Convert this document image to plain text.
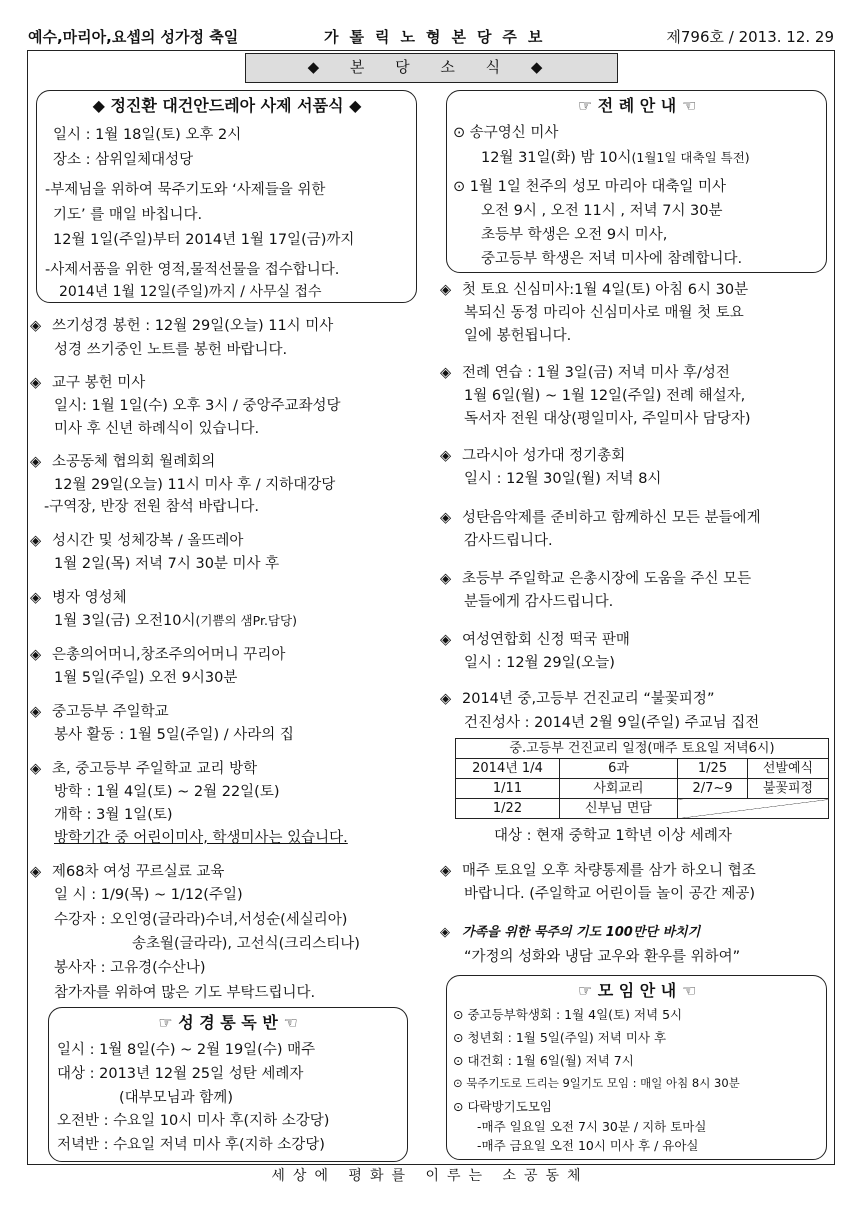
예수,마리아,요셉의 성가정 축일	가톨릭노형본당주보	제796호 / 2013. 12. 29
◆ 본 당 소 식 ◆
◆ 정진환 대건안드레아 사제 서품식 ◆
일시 : 1월 18일(토) 오후 2시
장소 : 삼위일체대성당
-부제님을 위하여 묵주기도와 ‘사제들을 위한
기도’ 를 매일 바칩니다.
12월 1일(주일)부터 2014년 1월 17일(금)까지
-사제서품을 위한 영적,물적선물을 접수합니다.
2014년 1월 12일(주일)까지 / 사무실 접수
◈ 쓰기성경 봉헌 : 12월 29일(오늘) 11시 미사
성경 쓰기중인 노트를 봉헌 바랍니다.
◈ 교구 봉헌 미사
일시: 1월 1일(수) 오후 3시 / 중앙주교좌성당
미사 후 신년 하례식이 있습니다.
◈ 소공동체 협의회 월례회의
12월 29일(오늘) 11시 미사 후 / 지하대강당
-구역장, 반장 전원 참석 바랍니다.
◈ 성시간 및 성체강복 / 올뜨레아
1월 2일(목) 저녁 7시 30분 미사 후
◈ 병자 영성체
1월 3일(금) 오전10시(기쁨의 샘Pr.담당)
◈ 은총의어머니,창조주의어머니 꾸리아
1월 5일(주일) 오전 9시30분
◈ 중고등부 주일학교
봉사 활동 : 1월 5일(주일) / 사라의 집
◈ 초, 중고등부 주일학교 교리 방학
방학 : 1월 4일(토) ~ 2월 22일(토)
개학 : 3월 1일(토)
방학기간 중 어린이미사, 학생미사는 있습니다.
◈ 제68차 여성 꾸르실료 교육
일 시 : 1/9(목) ~ 1/12(주일)
수강자 : 오인영(글라라)수녀,서성순(세실리아)
송초월(글라라), 고선식(크리스티나)
봉사자 : 고유경(수산나)
참가자를 위하여 많은 기도 부탁드립니다.
☞ 성 경 통 독 반 ☜
일시 : 1월 8일(수) ~ 2월 19일(수) 매주
대상 : 2013년 12월 25일 성탄 세례자
(대부모님과 함께)
오전반 : 수요일 10시 미사 후(지하 소강당)
저녁반 : 수요일 저녁 미사 후(지하 소강당)
☞ 전 례 안 내 ☜
⊙ 송구영신 미사
12월 31일(화) 밤 10시(1월1일 대축일 특전)
⊙ 1월 1일 천주의 성모 마리아 대축일 미사
오전 9시 , 오전 11시 , 저녁 7시 30분
초등부 학생은 오전 9시 미사,
중고등부 학생은 저녁 미사에 참례합니다.
◈ 첫 토요 신심미사:1월 4일(토) 아침 6시 30분
복되신 동정 마리아 신심미사로 매월 첫 토요
일에 봉헌됩니다.
◈ 전례 연습 : 1월 3일(금) 저녁 미사 후/성전
1월 6일(월) ~ 1월 12일(주일) 전례 해설자,
독서자 전원 대상(평일미사, 주일미사 담당자)
◈ 그라시아 성가대 정기총회
일시 : 12월 30일(월) 저녁 8시
◈ 성탄음악제를 준비하고 함께하신 모든 분들에게
감사드립니다.
◈ 초등부 주일학교 은총시장에 도움을 주신 모든
분들에게 감사드립니다.
◈ 여성연합회 신정 떡국 판매
일시 : 12월 29일(오늘)
◈ 2014년 중,고등부 건진교리 “불꽃피정”
건진성사 : 2014년 2월 9일(주일) 주교님 집전
중.고등부 건진교리 일정(매주 토요일 저녁6시)			
2014년 1/4	6과	1/25	선발예식
1/11	사회교리	2/7~9	불꽃피정
1/22	신부님 면담		
대상 : 현재 중학교 1학년 이상 세례자
◈ 매주 토요일 오후 차량통제를 삼가 하오니 협조
바랍니다. (주일학교 어린이들 놀이 공간 제공)
◈ 가족을 위한 묵주의 기도 100만단 바치기
“가정의 성화와 냉담 교우와 환우를 위하여”
☞ 모 임 안 내 ☜
⊙ 중고등부학생회 : 1월 4일(토) 저녁 5시
⊙ 청년회 : 1월 5일(주일) 저녁 미사 후
⊙ 대건회 : 1월 6일(월) 저녁 7시
⊙ 묵주기도로 드리는 9일기도 모임 : 매일 아침 8시 30분
⊙ 다락방기도모임
-매주 일요일 오전 7시 30분 / 지하 토마실
-매주 금요일 오전 10시 미사 후 / 유아실
세상에 평화를 이루는 소공동체
